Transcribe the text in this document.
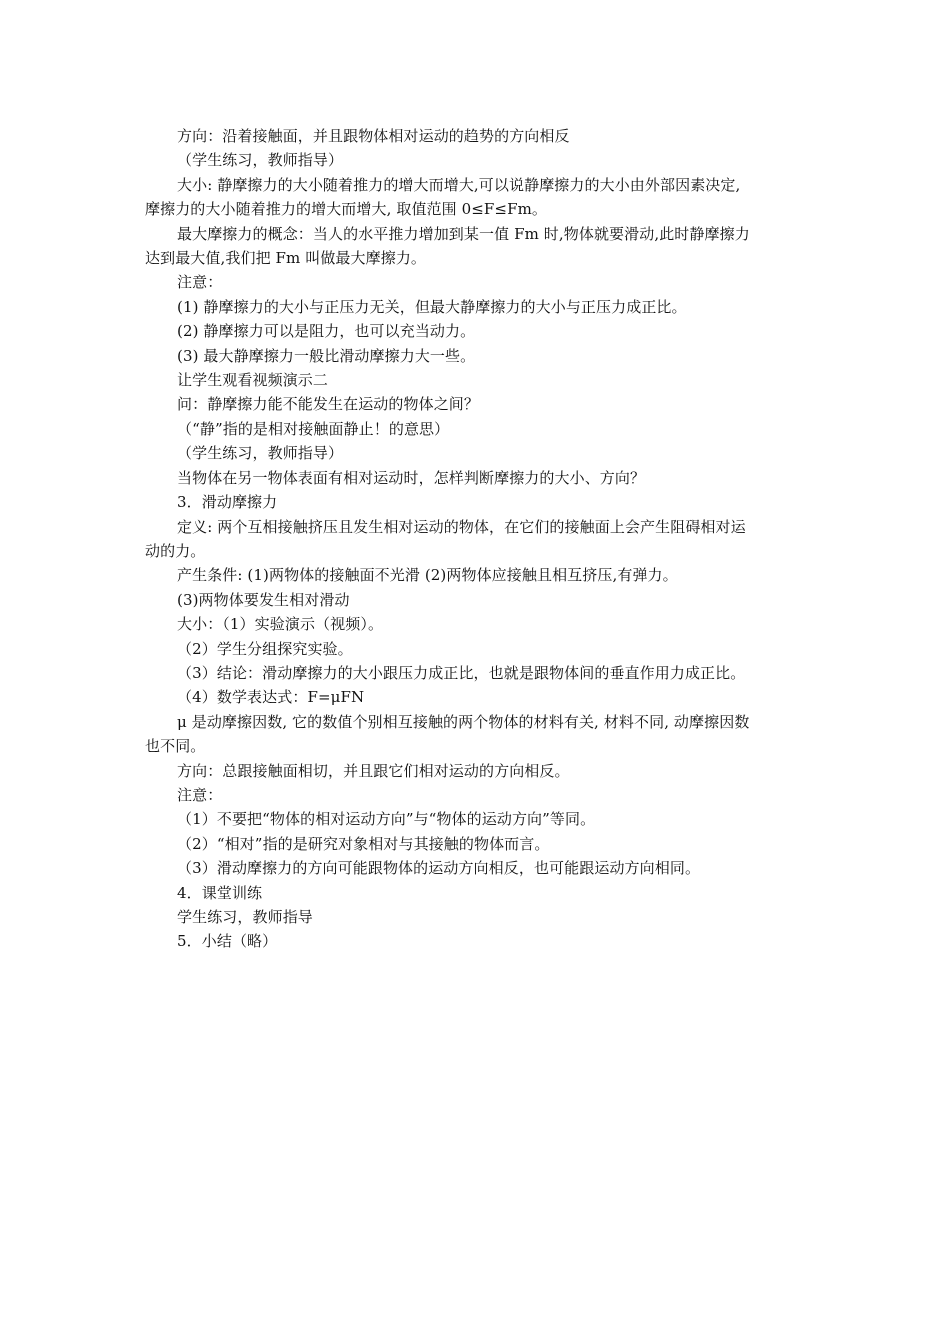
方向：沿着接触面，并且跟物体相对运动的趋势的方向相反

（学生练习，教师指导）

大小: 静摩擦力的大小随着推力的增大而增大,可以说静摩擦力的大小由外部因素决定,

摩擦力的大小随着推力的增大而增大, 取值范围 0≤F≤Fm。

最大摩擦力的概念：当人的水平推力增加到某一值 Fm 时,物体就要滑动,此时静摩擦力

达到最大值,我们把 Fm 叫做最大摩擦力。

注意：

(1) 静摩擦力的大小与正压力无关，但最大静摩擦力的大小与正压力成正比。

(2) 静摩擦力可以是阻力，也可以充当动力。

(3) 最大静摩擦力一般比滑动摩擦力大一些。

让学生观看视频演示二

问：静摩擦力能不能发生在运动的物体之间？

（“静”指的是相对接触面静止！的意思）

（学生练习，教师指导）

当物体在另一物体表面有相对运动时，怎样判断摩擦力的大小、方向？

3．滑动摩擦力

定义: 两个互相接触挤压且发生相对运动的物体，在它们的接触面上会产生阻碍相对运

动的力。

产生条件: (1)两物体的接触面不光滑 (2)两物体应接触且相互挤压,有弹力。

(3)两物体要发生相对滑动

大小：（1）实验演示（视频）。

（2）学生分组探究实验。

（3）结论：滑动摩擦力的大小跟压力成正比，也就是跟物体间的垂直作用力成正比。

（4）数学表达式：F=μFN

μ 是动摩擦因数, 它的数值个别相互接触的两个物体的材料有关, 材料不同, 动摩擦因数

也不同。

方向：总跟接触面相切，并且跟它们相对运动的方向相反。

注意：

（1）不要把“物体的相对运动方向”与“物体的运动方向”等同。

（2）“相对”指的是研究对象相对与其接触的物体而言。

（3）滑动摩擦力的方向可能跟物体的运动方向相反，也可能跟运动方向相同。

4．课堂训练

学生练习，教师指导

5．小结（略）
